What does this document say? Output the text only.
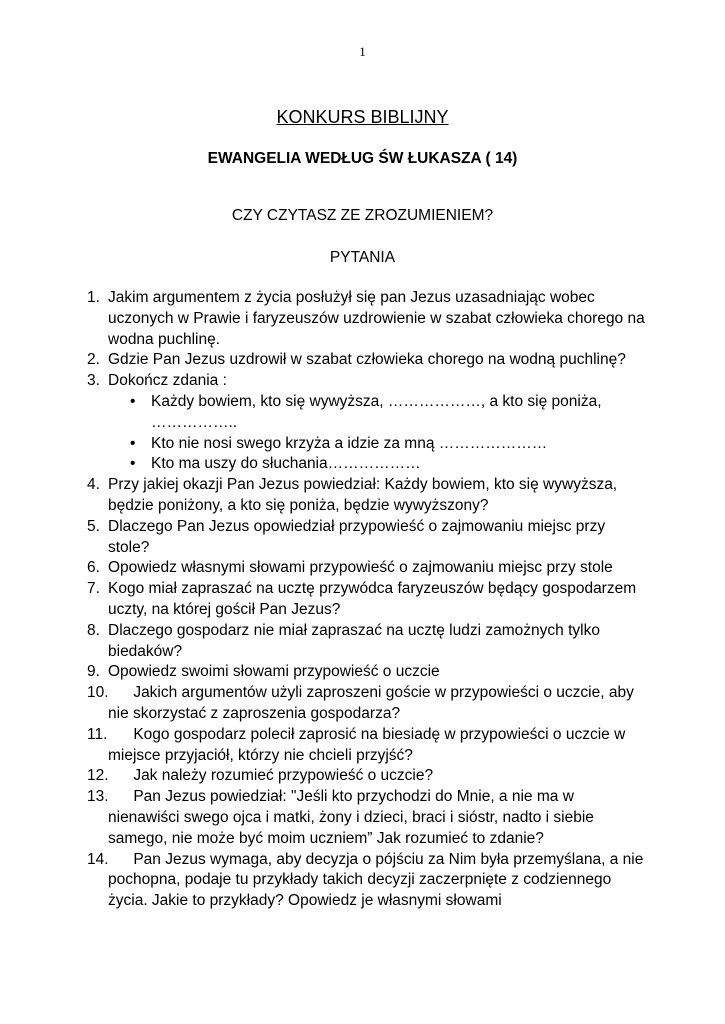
1
KONKURS BIBLIJNY
EWANGELIA WEDŁUG ŚW ŁUKASZA ( 14)
CZY CZYTASZ ZE ZROZUMIENIEM?
PYTANIA
1. Jakim argumentem z życia posłużył się pan Jezus uzasadniając wobec uczonych w Prawie i faryzeuszów uzdrowienie w szabat człowieka chorego na wodna puchlinę.
2. Gdzie Pan Jezus uzdrowił w szabat człowieka chorego na wodną puchlinę?
3. Dokończ zdania :
• Każdy bowiem, kto się wywyższa, ………………, a kto się poniża, ……………..
• Kto nie nosi swego krzyża a idzie za mną …………………
• Kto ma uszy do słuchania………………
4. Przy jakiej okazji Pan Jezus powiedział: Każdy bowiem, kto się wywyższa, będzie poniżony, a kto się poniża, będzie wywyższony?
5. Dlaczego Pan Jezus opowiedział przypowieść o zajmowaniu miejsc przy stole?
6. Opowiedz własnymi słowami przypowieść o zajmowaniu miejsc przy stole
7. Kogo miał zapraszać na ucztę przywódca faryzeuszów będący gospodarzem uczty, na której gościł Pan Jezus?
8. Dlaczego gospodarz nie miał zapraszać na ucztę ludzi zamożnych tylko biedaków?
9. Opowiedz swoimi słowami przypowieść o uczcie
10. Jakich argumentów użyli zaproszeni goście w przypowieści o uczcie, aby nie skorzystać z zaproszenia gospodarza?
11. Kogo gospodarz polecił zaprosić na biesiadę w przypowieści o uczcie w miejsce przyjaciół, którzy nie chcieli przyjść?
12. Jak należy rozumieć przypowieść o uczcie?
13. Pan Jezus powiedział: "Jeśli kto przychodzi do Mnie, a nie ma w nienawiści swego ojca i matki, żony i dzieci, braci i sióstr, nadto i siebie samego, nie może być moim uczniem” Jak rozumieć to zdanie?
14. Pan Jezus wymaga, aby decyzja o pójściu za Nim była przemyślana, a nie pochopna, podaje tu przykłady takich decyzji zaczerpnięte z codziennego życia. Jakie to przykłady? Opowiedz je własnymi słowami
